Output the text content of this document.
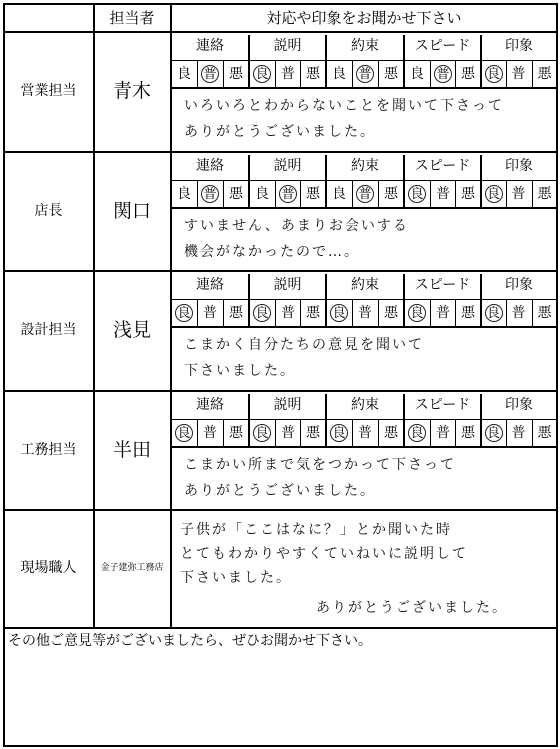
担当者	対応や印象をお聞かせ下さい
営業担当	青木
連絡
良 普 悪
説明
良 普 悪
約束
良 普 悪
スピード
良 普 悪
印象
良 普 悪
いろいろとわからないことを聞いて下さって
ありがとうございました。
店長	関口
連絡
良 普 悪
説明
良 普 悪
約束
良 普 悪
スピード
良 普 悪
印象
良 普 悪
すいません、あまりお会いする
機会がなかったので…。
設計担当	浅見
連絡
良 普 悪
説明
良 普 悪
約束
良 普 悪
スピード
良 普 悪
印象
良 普 悪
こまかく自分たちの意見を聞いて
下さいました。
工務担当	半田
連絡
良 普 悪
説明
良 普 悪
約束
良 普 悪
スピード
良 普 悪
印象
良 普 悪
こまかい所まで気をつかって下さって
ありがとうございました。
現場職人	金子建弥工務店
子供が「ここはなに？」とか聞いた時
とてもわかりやすくていねいに説明して
下さいました。
ありがとうございました。
その他ご意見等がございましたら、ぜひお聞かせ下さい。
